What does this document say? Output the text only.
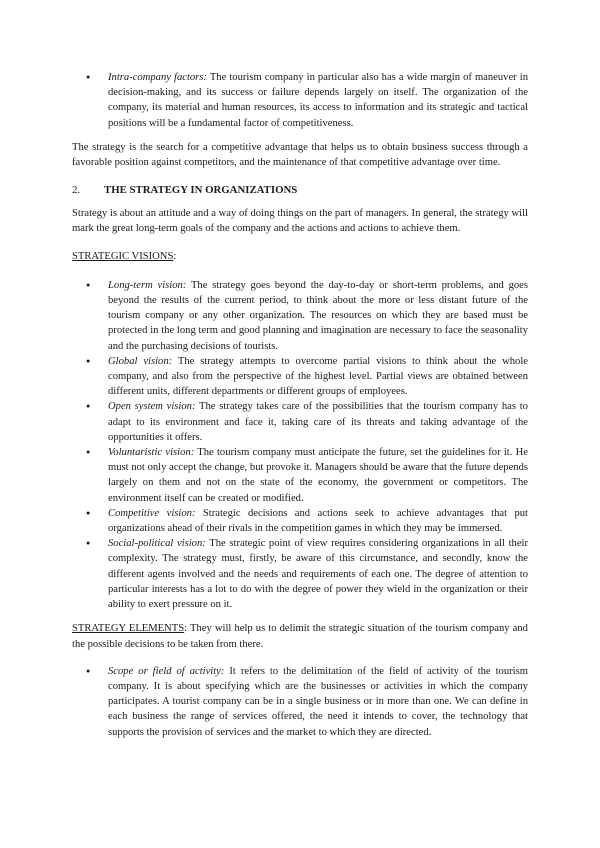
● Intra-company factors: The tourism company in particular also has a wide margin of maneuver in decision-making, and its success or failure depends largely on itself. The organization of the company, its material and human resources, its access to information and its strategic and tactical positions will be a fundamental factor of competitiveness.

The strategy is the search for a competitive advantage that helps us to obtain business success through a favorable position against competitors, and the maintenance of that competitive advantage over time.

2. THE STRATEGY IN ORGANIZATIONS

Strategy is about an attitude and a way of doing things on the part of managers. In general, the strategy will mark the great long-term goals of the company and the actions and actions to achieve them.

STRATEGIC VISIONS:

● Long-term vision: The strategy goes beyond the day-to-day or short-term problems, and goes beyond the results of the current period, to think about the more or less distant future of the tourism company or any other organization. The resources on which they are based must be protected in the long term and good planning and imagination are necessary to face the seasonality and the purchasing decisions of tourists.
● Global vision: The strategy attempts to overcome partial visions to think about the whole company, and also from the perspective of the highest level. Partial views are obtained between different units, different departments or different groups of employees.
● Open system vision: The strategy takes care of the possibilities that the tourism company has to adapt to its environment and face it, taking care of its threats and taking advantage of the opportunities it offers.
● Voluntaristic vision: The tourism company must anticipate the future, set the guidelines for it. He must not only accept the change, but provoke it. Managers should be aware that the future depends largely on them and not on the state of the economy, the government or competitors. The environment itself can be created or modified.
● Competitive vision: Strategic decisions and actions seek to achieve advantages that put organizations ahead of their rivals in the competition games in which they may be immersed.
● Social-political vision: The strategic point of view requires considering organizations in all their complexity. The strategy must, firstly, be aware of this circumstance, and secondly, know the different agents involved and the needs and requirements of each one. The degree of attention to particular interests has a lot to do with the degree of power they wield in the organization or their ability to exert pressure on it.

STRATEGY ELEMENTS: They will help us to delimit the strategic situation of the tourism company and the possible decisions to be taken from there.

● Scope or field of activity: It refers to the delimitation of the field of activity of the tourism company. It is about specifying which are the businesses or activities in which the company participates. A tourist company can be in a single business or in more than one. We can define in each business the range of services offered, the need it intends to cover, the technology that supports the provision of services and the market to which they are directed.
